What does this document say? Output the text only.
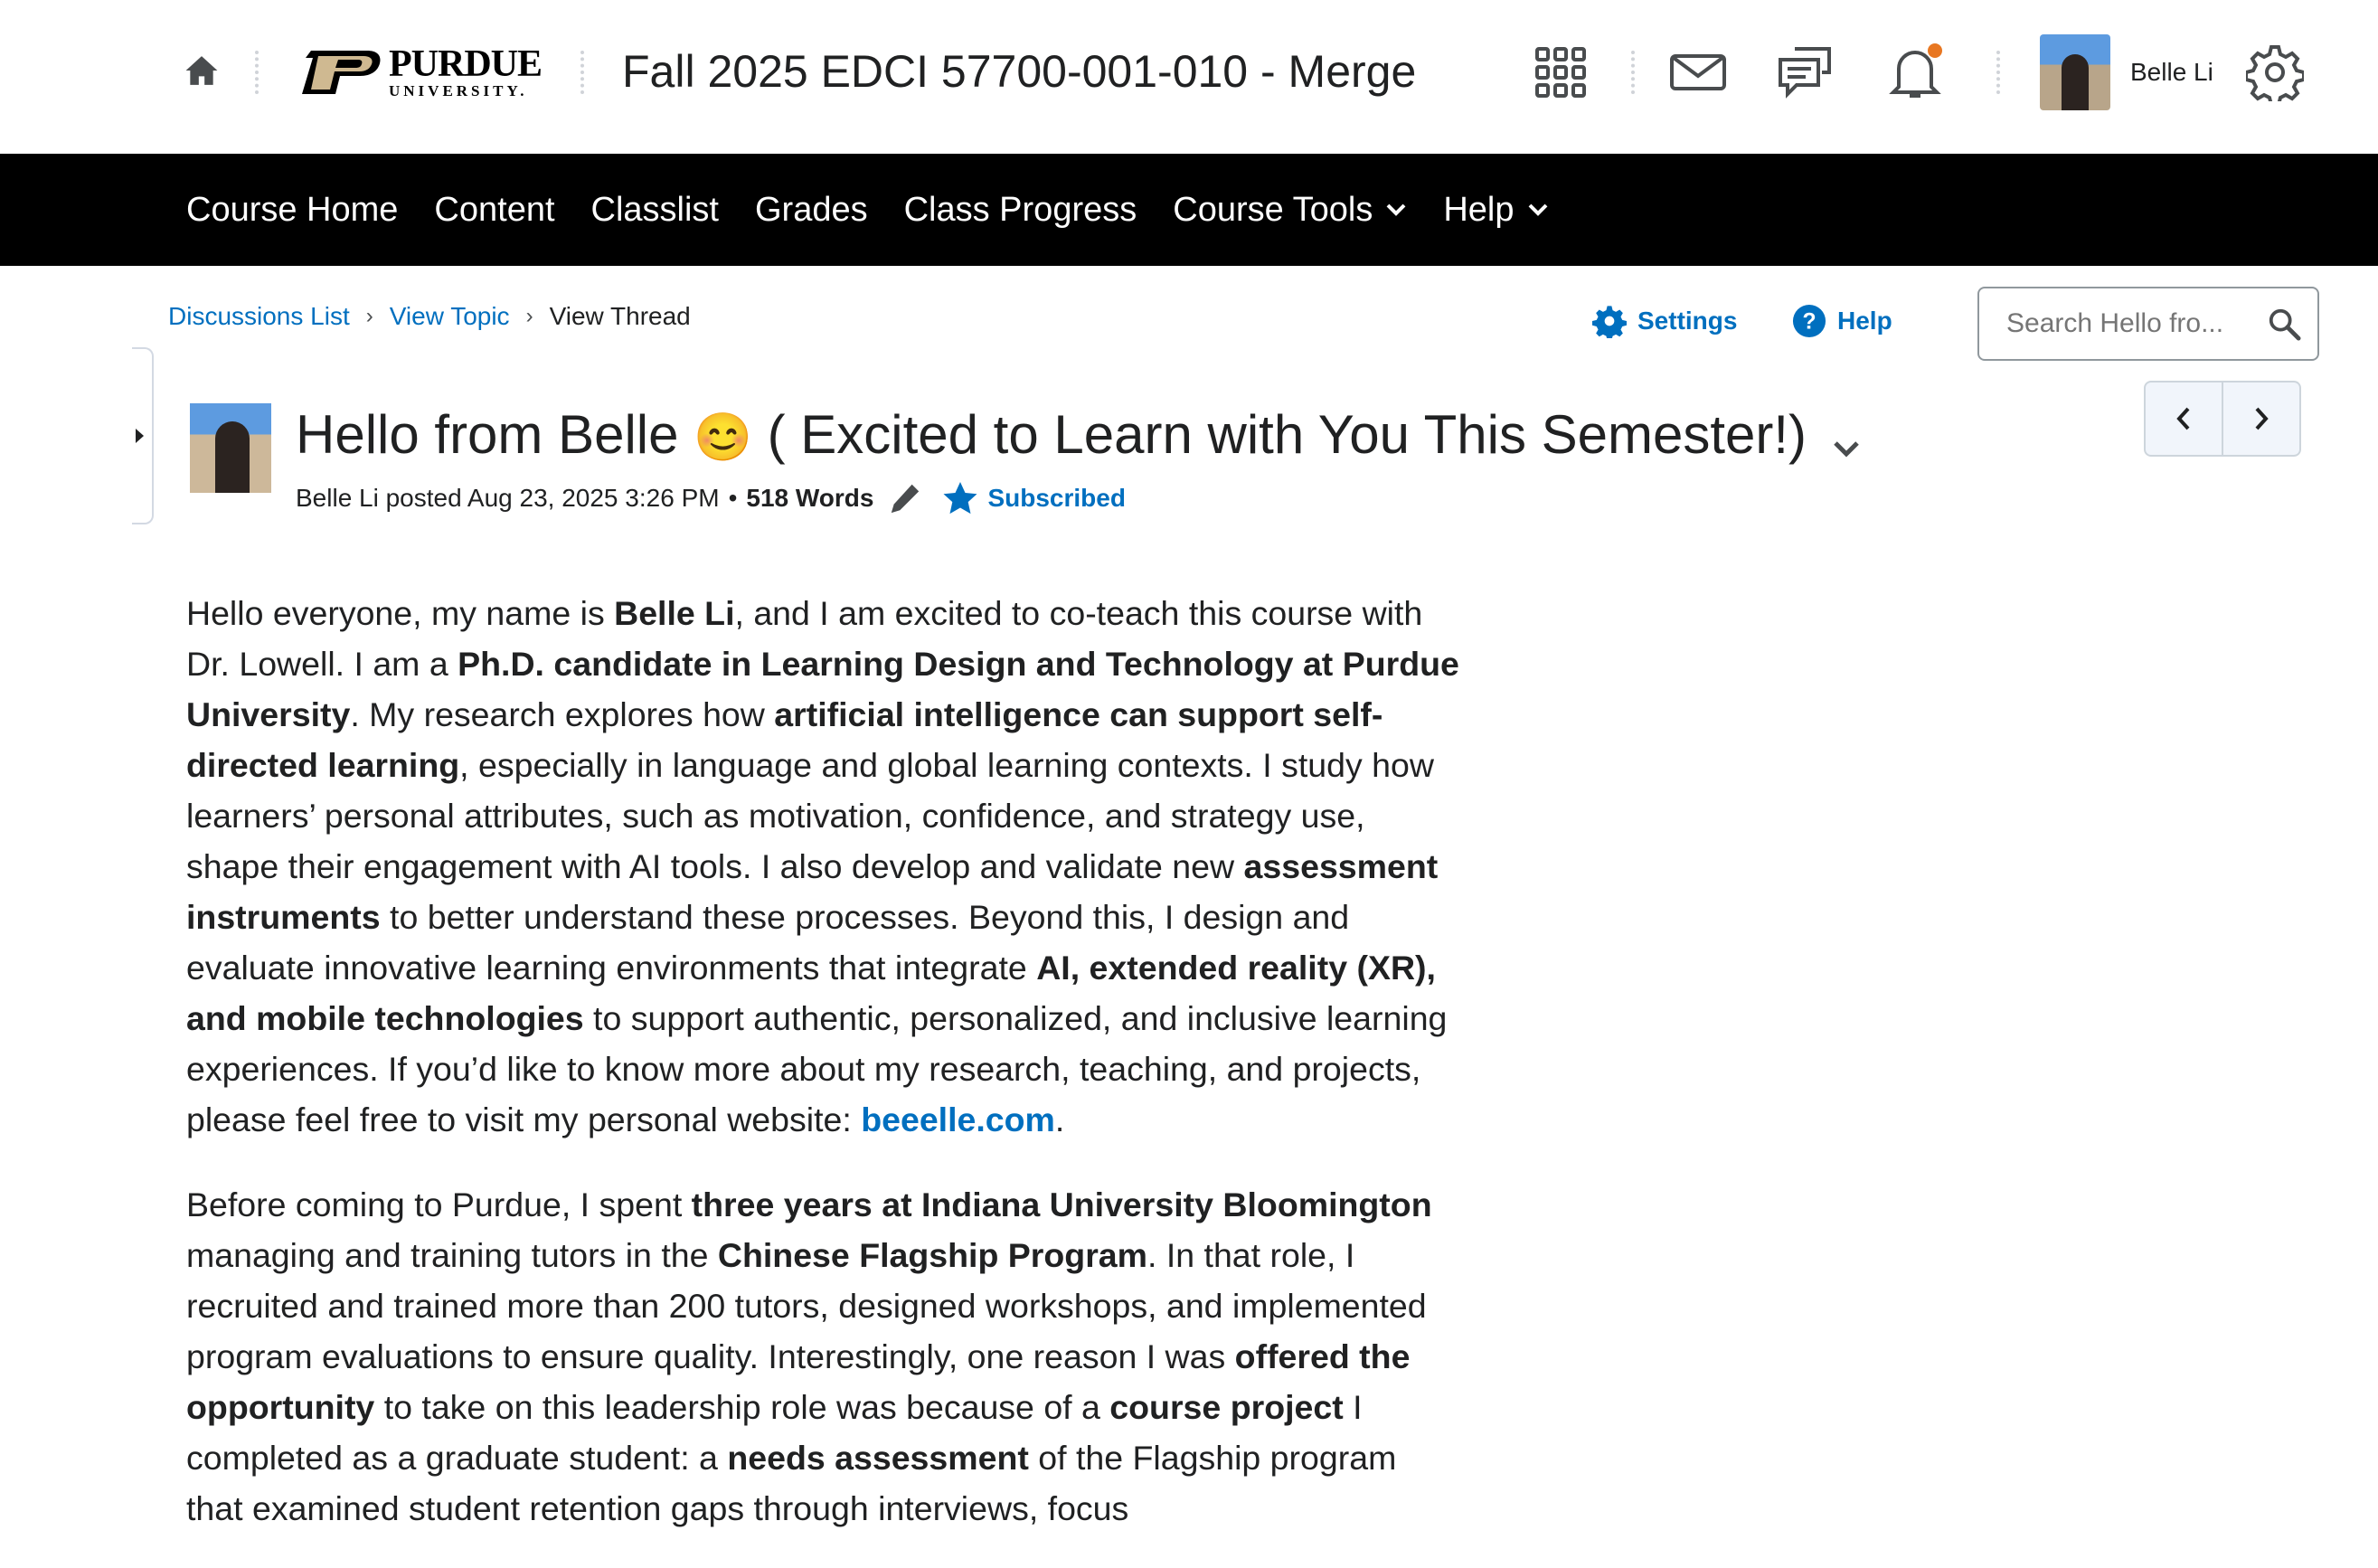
PURDUE
UNIVERSITY.	Fall 2025 EDCI 57700-001-010 - Merge	Belle Li
Course Home Content Classlist Grades Class Progress Course Tools Help
Discussions List › View Topic › View Thread	Settings	? Help
Search Hello fro...
Hello from Belle 😊 ( Excited to Learn with You This Semester!)
Belle Li posted Aug 23, 2025 3:26 PM • 518 Words	Subscribed

Hello everyone, my name is Belle Li, and I am excited to co-teach this course with Dr. Lowell. I am a Ph.D. candidate in Learning Design and Technology at Purdue University. My research explores how artificial intelligence can support self-directed learning, especially in language and global learning contexts. I study how learners’ personal attributes, such as motivation, confidence, and strategy use, shape their engagement with AI tools. I also develop and validate new assessment instruments to better understand these processes. Beyond this, I design and evaluate innovative learning environments that integrate AI, extended reality (XR), and mobile technologies to support authentic, personalized, and inclusive learning experiences. If you’d like to know more about my research, teaching, and projects, please feel free to visit my personal website: beeelle.com.

Before coming to Purdue, I spent three years at Indiana University Bloomington managing and training tutors in the Chinese Flagship Program. In that role, I recruited and trained more than 200 tutors, designed workshops, and implemented program evaluations to ensure quality. Interestingly, one reason I was offered the opportunity to take on this leadership role was because of a course project I completed as a graduate student: a needs assessment of the Flagship program that examined student retention gaps through interviews, focus
